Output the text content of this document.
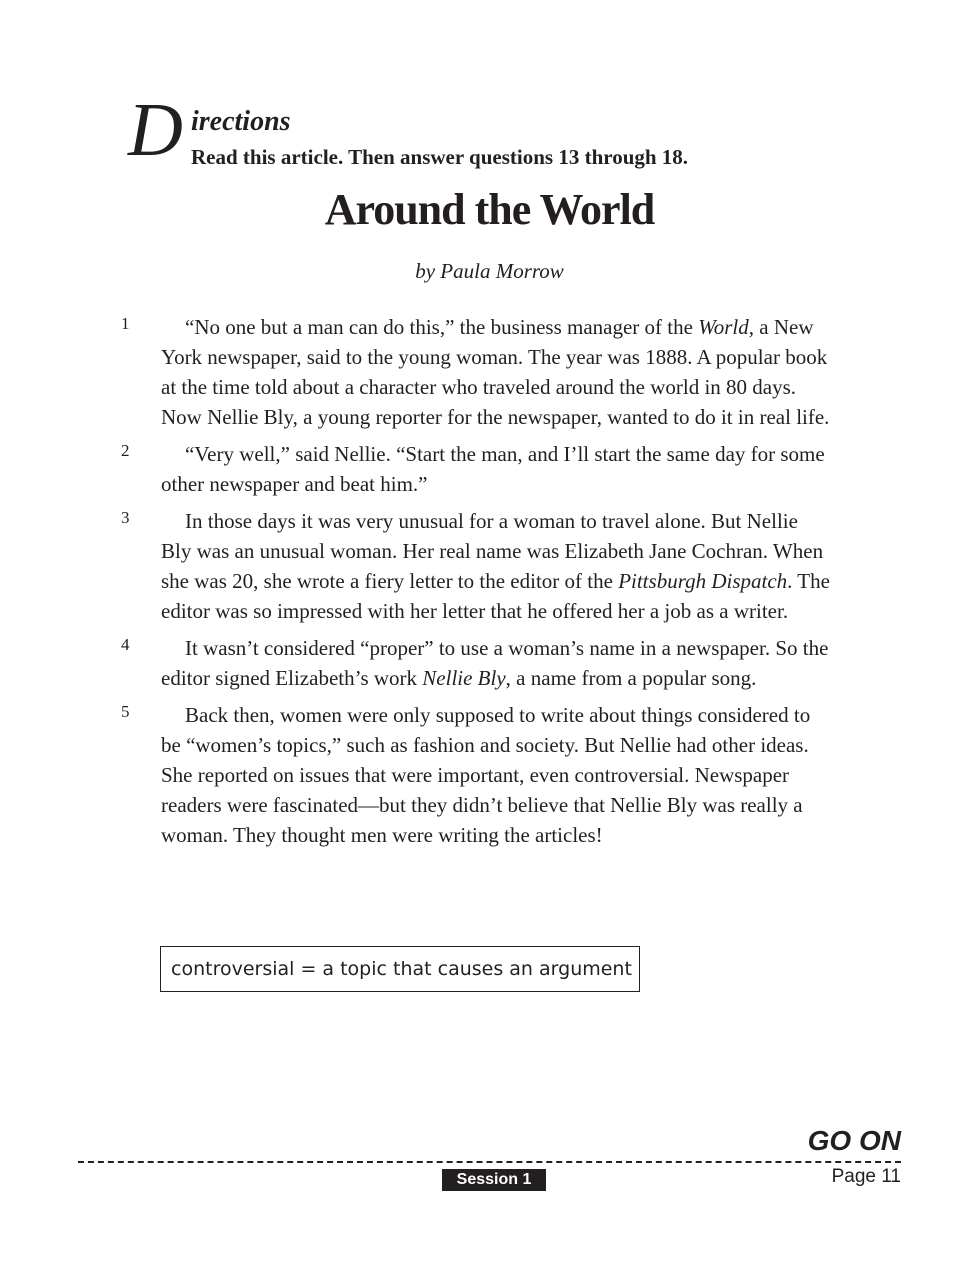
D irections
Read this article. Then answer questions 13 through 18.
Around the World
by Paula Morrow
1	“No one but a man can do this,” the business manager of the World, a New York newspaper, said to the young woman. The year was 1888. A popular book at the time told about a character who traveled around the world in 80 days. Now Nellie Bly, a young reporter for the newspaper, wanted to do it in real life.
2	“Very well,” said Nellie. “Start the man, and I’ll start the same day for some other newspaper and beat him.”
3	In those days it was very unusual for a woman to travel alone. But Nellie Bly was an unusual woman. Her real name was Elizabeth Jane Cochran. When she was 20, she wrote a fiery letter to the editor of the Pittsburgh Dispatch. The editor was so impressed with her letter that he offered her a job as a writer.
4	It wasn’t considered “proper” to use a woman’s name in a newspaper. So the editor signed Elizabeth’s work Nellie Bly, a name from a popular song.
5	Back then, women were only supposed to write about things considered to be “women’s topics,” such as fashion and society. But Nellie had other ideas. She reported on issues that were important, even controversial. Newspaper readers were fascinated—but they didn’t believe that Nellie Bly was really a woman. They thought men were writing the articles!
controversial = a topic that causes an argument
GO ON
Session 1	Page 11
